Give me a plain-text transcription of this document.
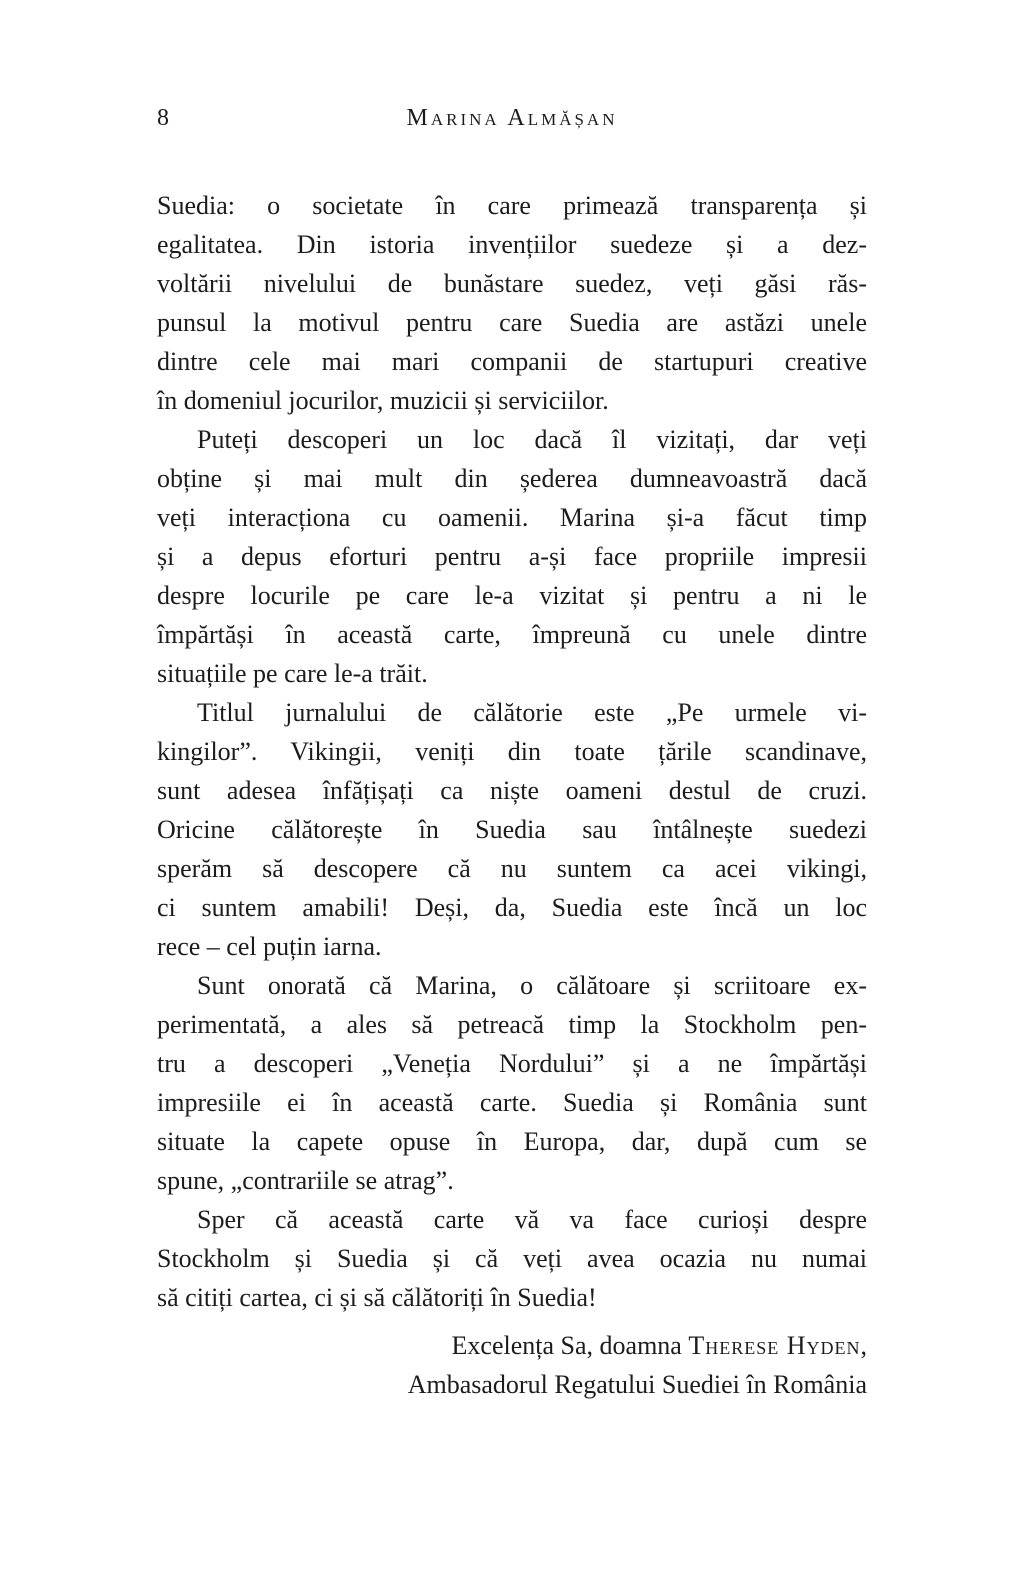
8	Marina Almășan
Suedia: o societate în care primează transparența și
egalitatea. Din istoria invențiilor suedeze și a dez-
voltării nivelului de bunăstare suedez, veți găsi răs-
punsul la motivul pentru care Suedia are astăzi unele
dintre cele mai mari companii de startupuri creative
în domeniul jocurilor, muzicii și serviciilor.
Puteți descoperi un loc dacă îl vizitați, dar veți
obține și mai mult din șederea dumneavoastră dacă
veți interacționa cu oamenii. Marina și-a făcut timp
și a depus eforturi pentru a-și face propriile impresii
despre locurile pe care le-a vizitat și pentru a ni le
împărtăși în această carte, împreună cu unele dintre
situațiile pe care le-a trăit.
Titlul jurnalului de călătorie este „Pe urmele vi-
kingilor”. Vikingii, veniți din toate țările scandinave,
sunt adesea înfățișați ca niște oameni destul de cruzi.
Oricine călătorește în Suedia sau întâlnește suedezi
sperăm să descopere că nu suntem ca acei vikingi,
ci suntem amabili! Deși, da, Suedia este încă un loc
rece – cel puțin iarna.
Sunt onorată că Marina, o călătoare și scriitoare ex-
perimentată, a ales să petreacă timp la Stockholm pen-
tru a descoperi „Veneția Nordului” și a ne împărtăși
impresiile ei în această carte. Suedia și România sunt
situate la capete opuse în Europa, dar, după cum se
spune, „contrariile se atrag”.
Sper că această carte vă va face curioși despre
Stockholm și Suedia și că veți avea ocazia nu numai
să citiți cartea, ci și să călătoriți în Suedia!
Excelența Sa, doamna Therese Hyden,
Ambasadorul Regatului Suediei în România
